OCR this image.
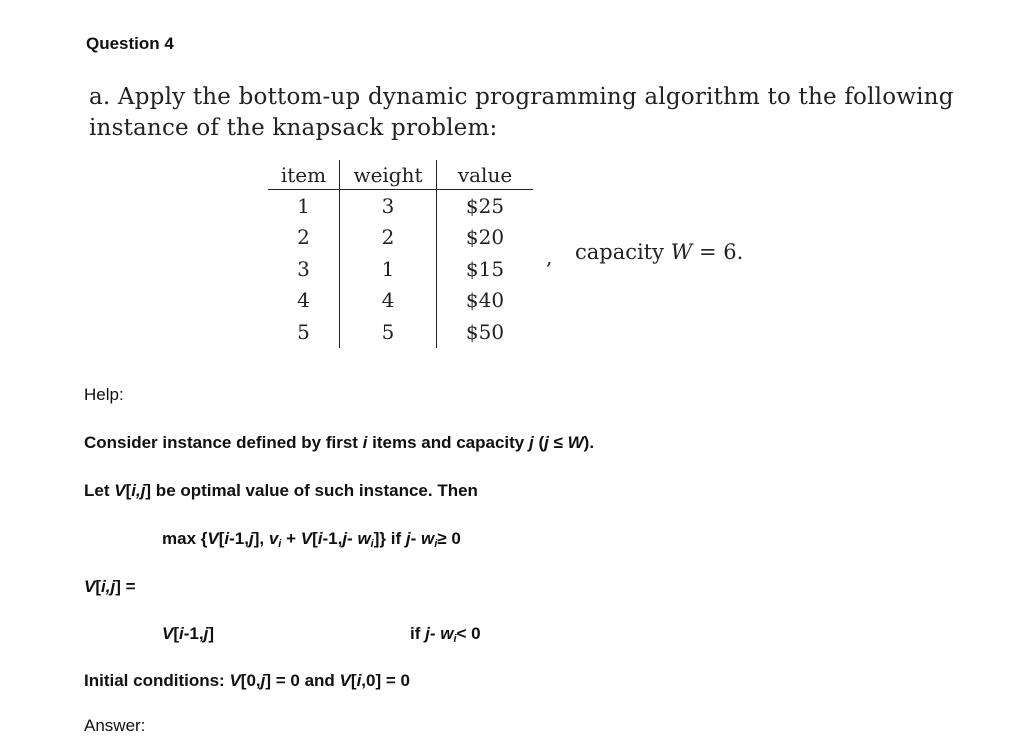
Question 4
a. Apply the bottom-up dynamic programming algorithm to the following
instance of the knapsack problem:
item	weight	value
1	3	$25
2	2	$20
3	1	$15
4	4	$40
5	5	$50
, capacity W = 6.
Help:
Consider instance defined by first i items and capacity j (j ≤ W).
Let V[i,j] be optimal value of such instance. Then
max {V[i-1,j], $v_i + V[i-1,j-$ $w_i$]} if j- $w_i\ge 0$
V[i,j] =
V[i-1,j]	if j- $w_i< 0$
Initial conditions: V[0,j] = 0 and V[i,0] = 0
Answer:
